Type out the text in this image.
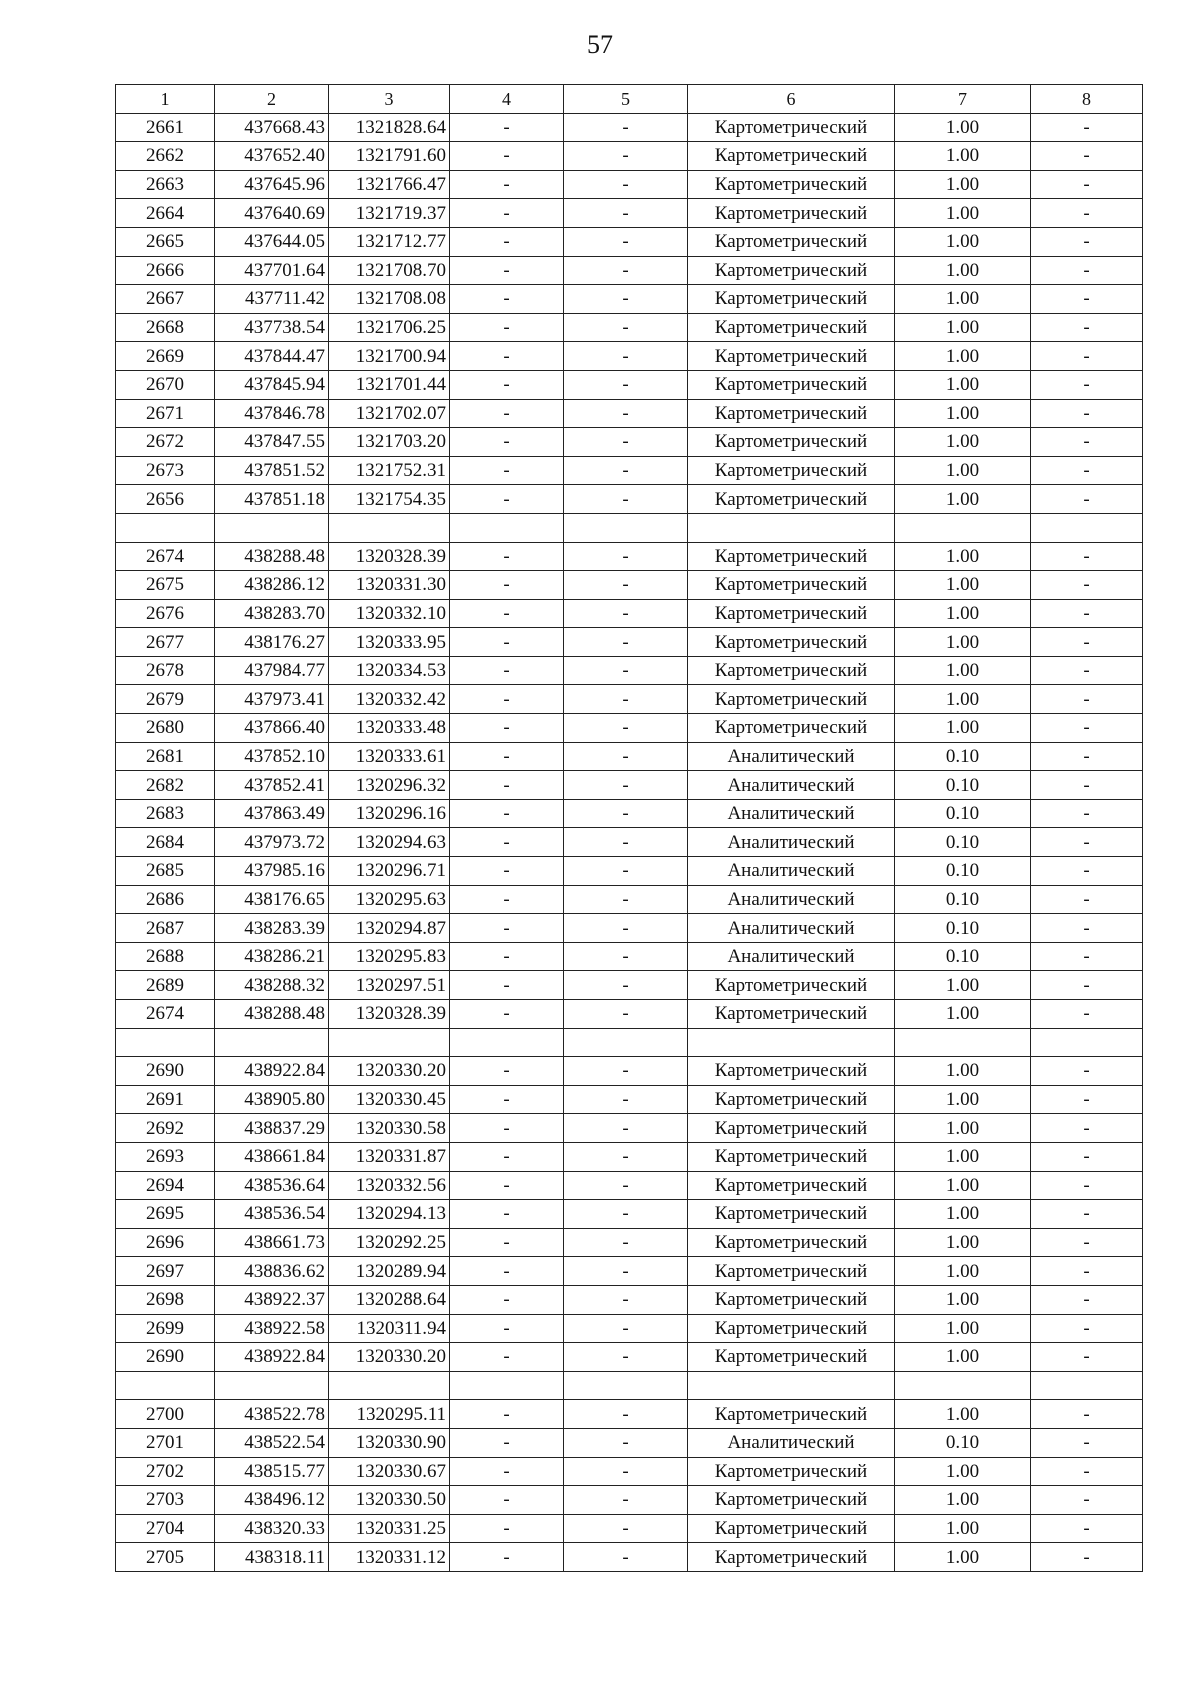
57
1	2	3	4	5	6	7	8
2661	437668.43	1321828.64	-	-	Картометрический	1.00	-
2662	437652.40	1321791.60	-	-	Картометрический	1.00	-
2663	437645.96	1321766.47	-	-	Картометрический	1.00	-
2664	437640.69	1321719.37	-	-	Картометрический	1.00	-
2665	437644.05	1321712.77	-	-	Картометрический	1.00	-
2666	437701.64	1321708.70	-	-	Картометрический	1.00	-
2667	437711.42	1321708.08	-	-	Картометрический	1.00	-
2668	437738.54	1321706.25	-	-	Картометрический	1.00	-
2669	437844.47	1321700.94	-	-	Картометрический	1.00	-
2670	437845.94	1321701.44	-	-	Картометрический	1.00	-
2671	437846.78	1321702.07	-	-	Картометрический	1.00	-
2672	437847.55	1321703.20	-	-	Картометрический	1.00	-
2673	437851.52	1321752.31	-	-	Картометрический	1.00	-
2656	437851.18	1321754.35	-	-	Картометрический	1.00	-

2674	438288.48	1320328.39	-	-	Картометрический	1.00	-
2675	438286.12	1320331.30	-	-	Картометрический	1.00	-
2676	438283.70	1320332.10	-	-	Картометрический	1.00	-
2677	438176.27	1320333.95	-	-	Картометрический	1.00	-
2678	437984.77	1320334.53	-	-	Картометрический	1.00	-
2679	437973.41	1320332.42	-	-	Картометрический	1.00	-
2680	437866.40	1320333.48	-	-	Картометрический	1.00	-
2681	437852.10	1320333.61	-	-	Аналитический	0.10	-
2682	437852.41	1320296.32	-	-	Аналитический	0.10	-
2683	437863.49	1320296.16	-	-	Аналитический	0.10	-
2684	437973.72	1320294.63	-	-	Аналитический	0.10	-
2685	437985.16	1320296.71	-	-	Аналитический	0.10	-
2686	438176.65	1320295.63	-	-	Аналитический	0.10	-
2687	438283.39	1320294.87	-	-	Аналитический	0.10	-
2688	438286.21	1320295.83	-	-	Аналитический	0.10	-
2689	438288.32	1320297.51	-	-	Картометрический	1.00	-
2674	438288.48	1320328.39	-	-	Картометрический	1.00	-

2690	438922.84	1320330.20	-	-	Картометрический	1.00	-
2691	438905.80	1320330.45	-	-	Картометрический	1.00	-
2692	438837.29	1320330.58	-	-	Картометрический	1.00	-
2693	438661.84	1320331.87	-	-	Картометрический	1.00	-
2694	438536.64	1320332.56	-	-	Картометрический	1.00	-
2695	438536.54	1320294.13	-	-	Картометрический	1.00	-
2696	438661.73	1320292.25	-	-	Картометрический	1.00	-
2697	438836.62	1320289.94	-	-	Картометрический	1.00	-
2698	438922.37	1320288.64	-	-	Картометрический	1.00	-
2699	438922.58	1320311.94	-	-	Картометрический	1.00	-
2690	438922.84	1320330.20	-	-	Картометрический	1.00	-

2700	438522.78	1320295.11	-	-	Картометрический	1.00	-
2701	438522.54	1320330.90	-	-	Аналитический	0.10	-
2702	438515.77	1320330.67	-	-	Картометрический	1.00	-
2703	438496.12	1320330.50	-	-	Картометрический	1.00	-
2704	438320.33	1320331.25	-	-	Картометрический	1.00	-
2705	438318.11	1320331.12	-	-	Картометрический	1.00	-
